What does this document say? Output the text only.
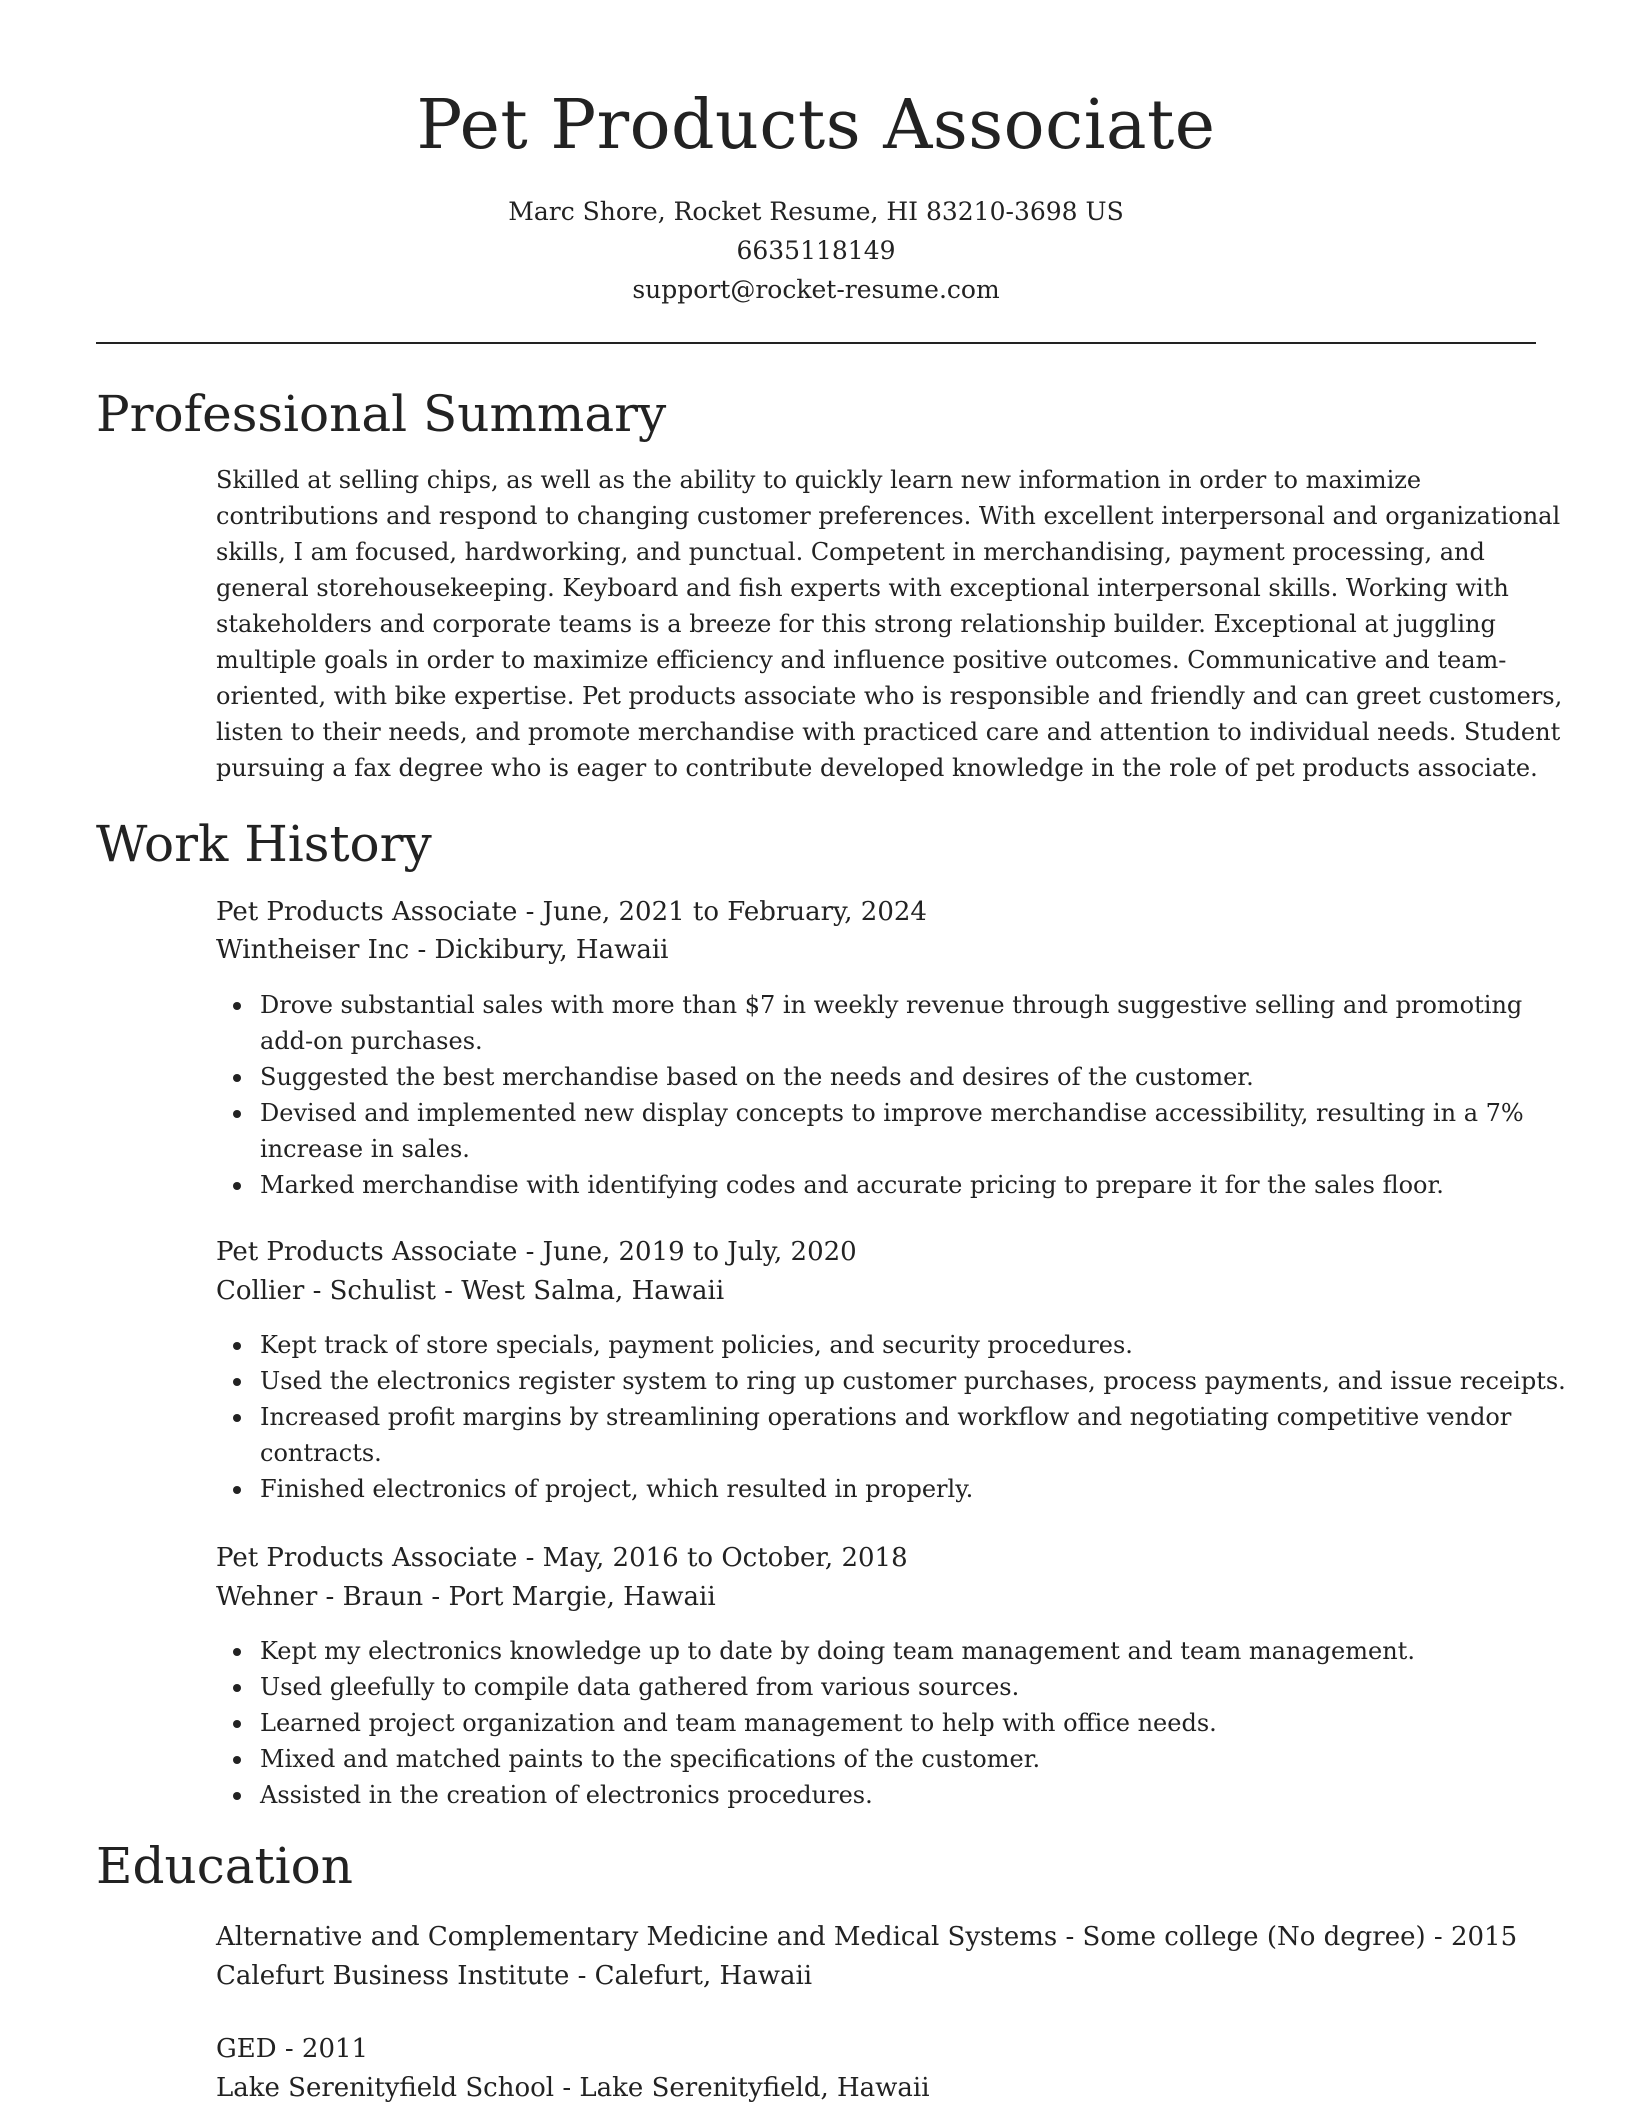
Pet Products Associate
Marc Shore, Rocket Resume, HI 83210-3698 US
6635118149
support@rocket-resume.com
Professional Summary
Skilled at selling chips, as well as the ability to quickly learn new information in order to maximize
contributions and respond to changing customer preferences. With excellent interpersonal and organizational
skills, I am focused, hardworking, and punctual. Competent in merchandising, payment processing, and
general storehousekeeping. Keyboard and fish experts with exceptional interpersonal skills. Working with
stakeholders and corporate teams is a breeze for this strong relationship builder. Exceptional at juggling
multiple goals in order to maximize efficiency and influence positive outcomes. Communicative and team-
oriented, with bike expertise. Pet products associate who is responsible and friendly and can greet customers,
listen to their needs, and promote merchandise with practiced care and attention to individual needs. Student
pursuing a fax degree who is eager to contribute developed knowledge in the role of pet products associate.
Work History
Pet Products Associate - June, 2021 to February, 2024
Wintheiser Inc - Dickibury, Hawaii
Drove substantial sales with more than $7 in weekly revenue through suggestive selling and promoting
add-on purchases.
Suggested the best merchandise based on the needs and desires of the customer.
Devised and implemented new display concepts to improve merchandise accessibility, resulting in a 7%
increase in sales.
Marked merchandise with identifying codes and accurate pricing to prepare it for the sales floor.
Pet Products Associate - June, 2019 to July, 2020
Collier - Schulist - West Salma, Hawaii
Kept track of store specials, payment policies, and security procedures.
Used the electronics register system to ring up customer purchases, process payments, and issue receipts.
Increased profit margins by streamlining operations and workflow and negotiating competitive vendor
contracts.
Finished electronics of project, which resulted in properly.
Pet Products Associate - May, 2016 to October, 2018
Wehner - Braun - Port Margie, Hawaii
Kept my electronics knowledge up to date by doing team management and team management.
Used gleefully to compile data gathered from various sources.
Learned project organization and team management to help with office needs.
Mixed and matched paints to the specifications of the customer.
Assisted in the creation of electronics procedures.
Education
Alternative and Complementary Medicine and Medical Systems - Some college (No degree) - 2015
Calefurt Business Institute - Calefurt, Hawaii
GED - 2011
Lake Serenityfield School - Lake Serenityfield, Hawaii
